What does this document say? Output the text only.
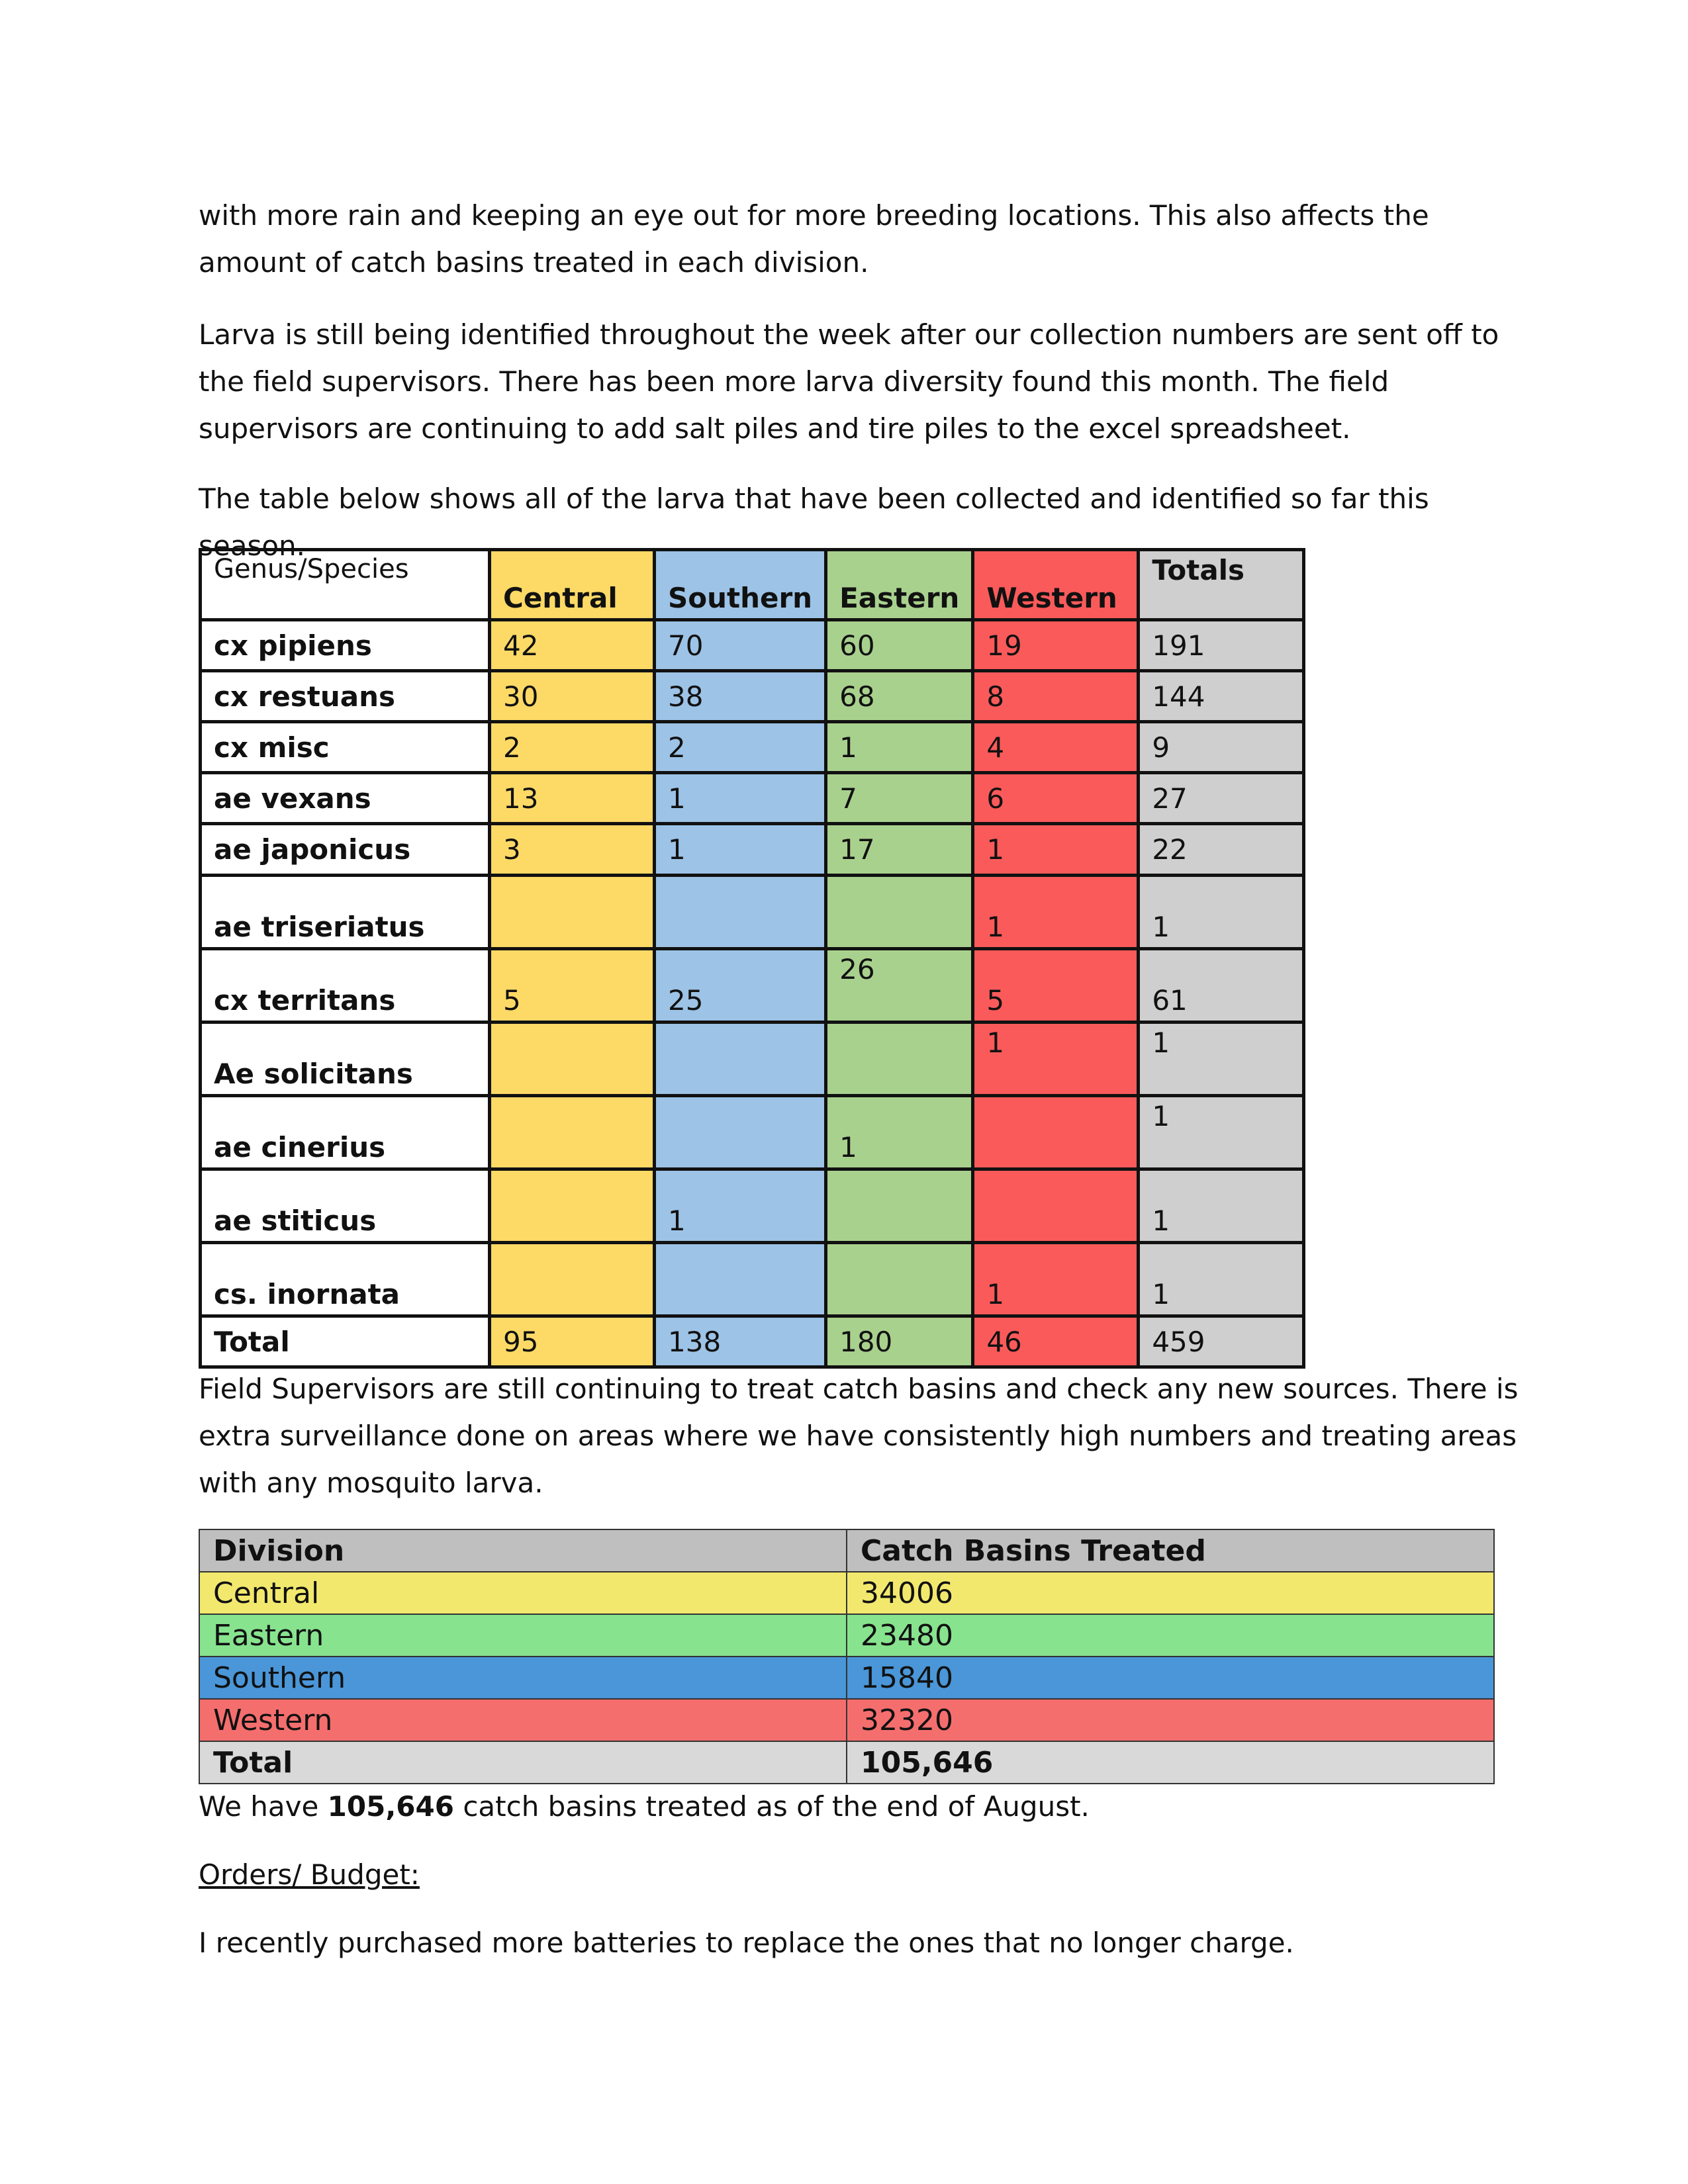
with more rain and keeping an eye out for more breeding locations. This also affects the
amount of catch basins treated in each division.

Larva is still being identified throughout the week after our collection numbers are sent off to
the field supervisors. There has been more larva diversity found this month. The field
supervisors are continuing to add salt piles and tire piles to the excel spreadsheet.

The table below shows all of the larva that have been collected and identified so far this season.

Genus/Species	Central	Southern	Eastern	Western	Totals
cx pipiens	42	70	60	19	191
cx restuans	30	38	68	8	144
cx misc	2	2	1	4	9
ae vexans	13	1	7	6	27
ae japonicus	3	1	17	1	22
ae triseriatus				1	1
cx territans	5	25	26	5	61
Ae solicitans				1	1
ae cinerius			1		1
ae stiticus		1			1
cs. inornata				1	1
Total	95	138	180	46	459

Field Supervisors are still continuing to treat catch basins and check any new sources. There is
extra surveillance done on areas where we have consistently high numbers and treating areas
with any mosquito larva.

Division	Catch Basins Treated
Central	34006
Eastern	23480
Southern	15840
Western	32320
Total	105,646

We have 105,646 catch basins treated as of the end of August.

Orders/ Budget:

I recently purchased more batteries to replace the ones that no longer charge.
